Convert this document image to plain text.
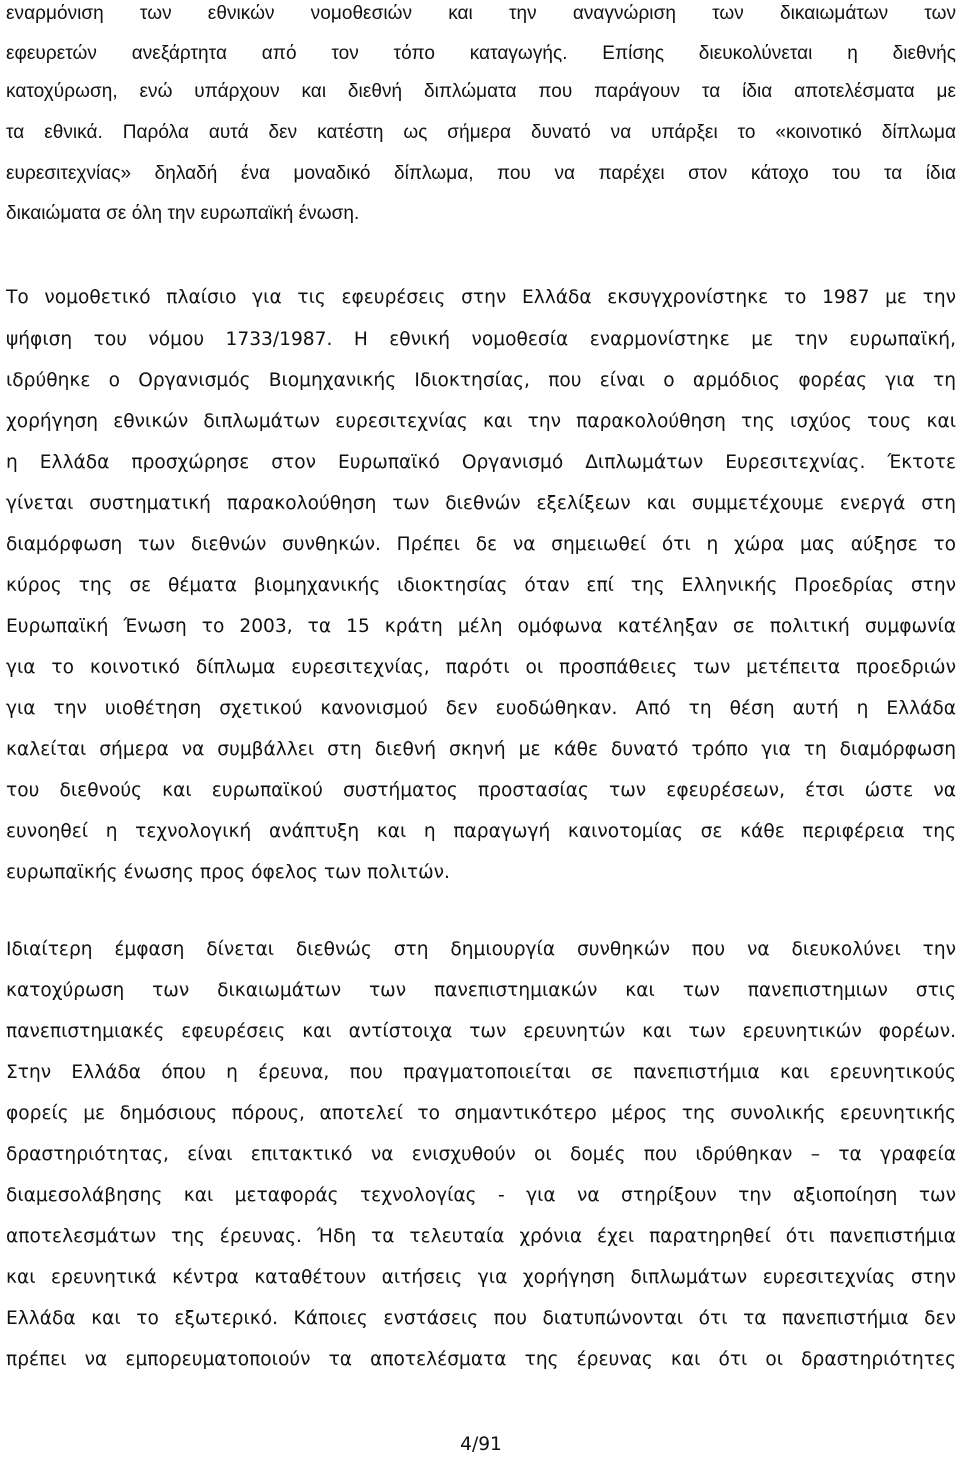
εναρμόνιση των εθνικών νομοθεσιών και την αναγνώριση των δικαιωμάτων των
εφευρετών ανεξάρτητα από τον τόπο καταγωγής. Επίσης διευκολύνεται η διεθνής
κατοχύρωση, ενώ υπάρχουν και διεθνή διπλώματα που παράγουν τα ίδια αποτελέσματα με
τα εθνικά. Παρόλα αυτά δεν κατέστη ως σήμερα δυνατό να υπάρξει το «κοινοτικό δίπλωμα
ευρεσιτεχνίας» δηλαδή ένα μοναδικό δίπλωμα, που να παρέχει στον κάτοχο του τα ίδια
δικαιώματα σε όλη την ευρωπαϊκή ένωση.
Το νομοθετικό πλαίσιο για τις εφευρέσεις στην Ελλάδα εκσυγχρονίστηκε το 1987 με την
ψήφιση του νόμου 1733/1987. Η εθνική νομοθεσία εναρμονίστηκε με την ευρωπαϊκή,
ιδρύθηκε ο Οργανισμός Βιομηχανικής Ιδιοκτησίας, που είναι ο αρμόδιος φορέας για τη
χορήγηση εθνικών διπλωμάτων ευρεσιτεχνίας και την παρακολούθηση της ισχύος τους και
η Ελλάδα προσχώρησε στον Ευρωπαϊκό Οργανισμό Διπλωμάτων Ευρεσιτεχνίας. Έκτοτε
γίνεται συστηματική παρακολούθηση των διεθνών εξελίξεων και συμμετέχουμε ενεργά στη
διαμόρφωση των διεθνών συνθηκών. Πρέπει δε να σημειωθεί ότι η χώρα μας αύξησε το
κύρος της σε θέματα βιομηχανικής ιδιοκτησίας όταν επί της Ελληνικής Προεδρίας στην
Ευρωπαϊκή Ένωση το 2003, τα 15 κράτη μέλη ομόφωνα κατέληξαν σε πολιτική συμφωνία
για το κοινοτικό δίπλωμα ευρεσιτεχνίας, παρότι οι προσπάθειες των μετέπειτα προεδριών
για την υιοθέτηση σχετικού κανονισμού δεν ευοδώθηκαν. Από τη θέση αυτή η Ελλάδα
καλείται σήμερα να συμβάλλει στη διεθνή σκηνή με κάθε δυνατό τρόπο για τη διαμόρφωση
του διεθνούς και ευρωπαϊκού συστήματος προστασίας των εφευρέσεων, έτσι ώστε να
ευνοηθεί η τεχνολογική ανάπτυξη και η παραγωγή καινοτομίας σε κάθε περιφέρεια της
ευρωπαϊκής ένωσης προς όφελος των πολιτών.
Ιδιαίτερη έμφαση δίνεται διεθνώς στη δημιουργία συνθηκών που να διευκολύνει την
κατοχύρωση των δικαιωμάτων των πανεπιστημιακών και των πανεπιστημιων στις
πανεπιστημιακές εφευρέσεις και αντίστοιχα των ερευνητών και των ερευνητικών φορέων.
Στην Ελλάδα όπου η έρευνα, που πραγματοποιείται σε πανεπιστήμια και ερευνητικούς
φορείς με δημόσιους πόρους, αποτελεί το σημαντικότερο μέρος της συνολικής ερευνητικής
δραστηριότητας, είναι επιτακτικό να ενισχυθούν οι δομές που ιδρύθηκαν – τα γραφεία
διαμεσολάβησης και μεταφοράς τεχνολογίας - για να στηρίξουν την αξιοποίηση των
αποτελεσμάτων της έρευνας. Ήδη τα τελευταία χρόνια έχει παρατηρηθεί ότι πανεπιστήμια
και ερευνητικά κέντρα καταθέτουν αιτήσεις για χορήγηση διπλωμάτων ευρεσιτεχνίας στην
Ελλάδα και το εξωτερικό. Κάποιες ενστάσεις που διατυπώνονται ότι τα πανεπιστήμια δεν
πρέπει να εμπορευματοποιούν τα αποτελέσματα της έρευνας και ότι οι δραστηριότητες
4/91
